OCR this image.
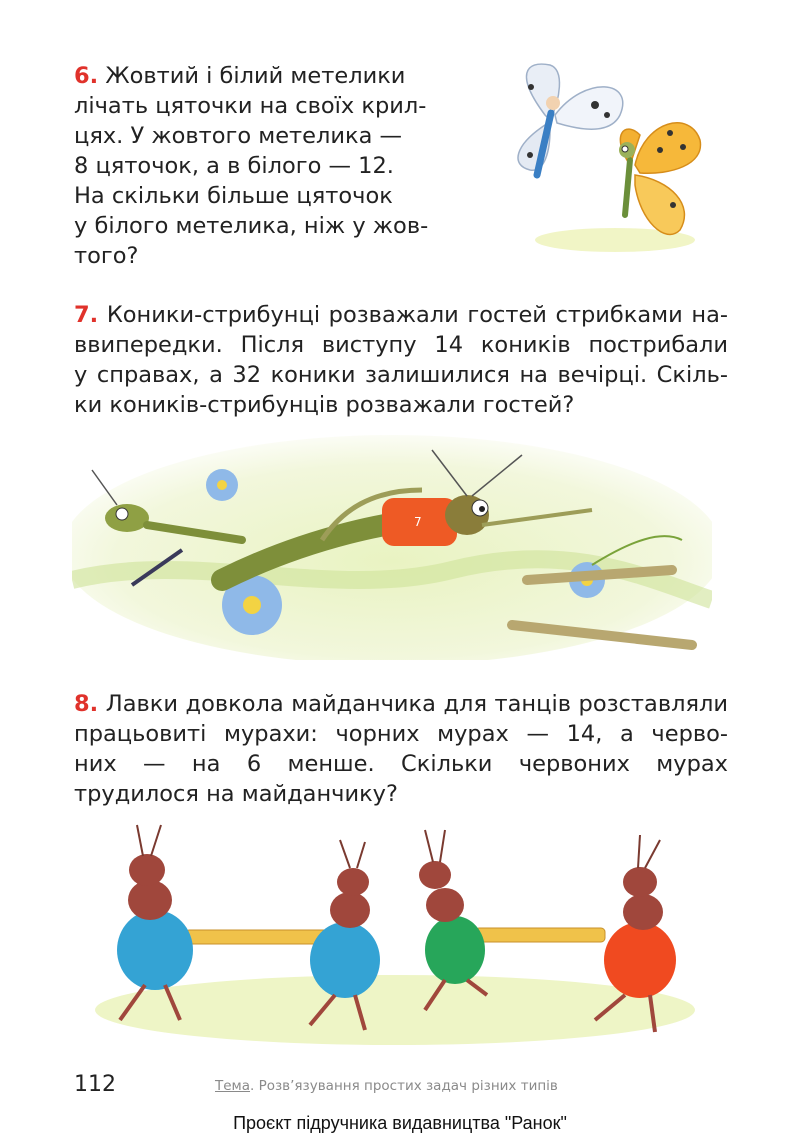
6. Жовтий і білий метелики
лічать цяточки на своїх крил-
цях. У жовтого метелика —
8 цяточок, а в білого — 12.
На скільки більше цяточок
у білого метелика, ніж у жов-
того?
7. Коники-стрибунці розважали гостей стрибками на-
ввипередки. Після виступу 14 коників пострибали
у справах, а 32 коники залишилися на вечірці. Скіль-
ки коників-стрибунців розважали гостей?
7
8. Лавки довкола майданчика для танців розставляли
працьовиті мурахи: чорних мурах — 14, а черво-
них — на 6 менше. Скільки червоних мурах
трудилося на майданчику?
112	Тема. Розв’язування простих задач різних типів
Проєкт підручника видавництва "Ранок"
